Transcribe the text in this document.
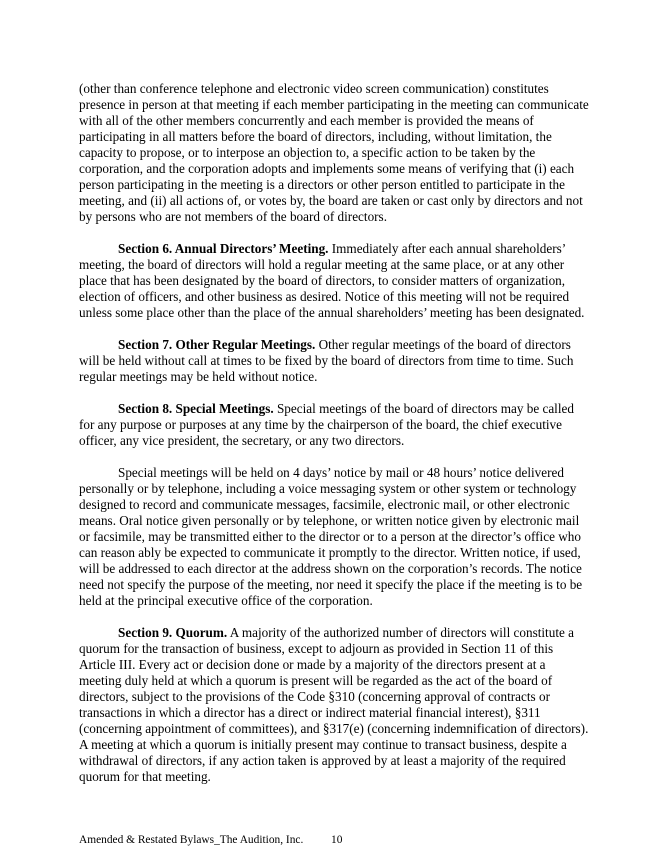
(other than conference telephone and electronic video screen communication) constitutes
presence in person at that meeting if each member participating in the meeting can communicate
with all of the other members concurrently and each member is provided the means of
participating in all matters before the board of directors, including, without limitation, the
capacity to propose, or to interpose an objection to, a specific action to be taken by the
corporation, and the corporation adopts and implements some means of verifying that (i) each
person participating in the meeting is a directors or other person entitled to participate in the
meeting, and (ii) all actions of, or votes by, the board are taken or cast only by directors and not
by persons who are not members of the board of directors.
Section 6. Annual Directors’ Meeting. Immediately after each annual shareholders’
meeting, the board of directors will hold a regular meeting at the same place, or at any other
place that has been designated by the board of directors, to consider matters of organization,
election of officers, and other business as desired. Notice of this meeting will not be required
unless some place other than the place of the annual shareholders’ meeting has been designated.
Section 7. Other Regular Meetings. Other regular meetings of the board of directors
will be held without call at times to be fixed by the board of directors from time to time. Such
regular meetings may be held without notice.
Section 8. Special Meetings. Special meetings of the board of directors may be called
for any purpose or purposes at any time by the chairperson of the board, the chief executive
officer, any vice president, the secretary, or any two directors.
Special meetings will be held on 4 days’ notice by mail or 48 hours’ notice delivered
personally or by telephone, including a voice messaging system or other system or technology
designed to record and communicate messages, facsimile, electronic mail, or other electronic
means. Oral notice given personally or by telephone, or written notice given by electronic mail
or facsimile, may be transmitted either to the director or to a person at the director’s office who
can reason ably be expected to communicate it promptly to the director. Written notice, if used,
will be addressed to each director at the address shown on the corporation’s records. The notice
need not specify the purpose of the meeting, nor need it specify the place if the meeting is to be
held at the principal executive office of the corporation.
Section 9. Quorum. A majority of the authorized number of directors will constitute a
quorum for the transaction of business, except to adjourn as provided in Section 11 of this
Article III. Every act or decision done or made by a majority of the directors present at a
meeting duly held at which a quorum is present will be regarded as the act of the board of
directors, subject to the provisions of the Code §310 (concerning approval of contracts or
transactions in which a director has a direct or indirect material financial interest), §311
(concerning appointment of committees), and §317(e) (concerning indemnification of directors).
A meeting at which a quorum is initially present may continue to transact business, despite a
withdrawal of directors, if any action taken is approved by at least a majority of the required
quorum for that meeting.
Amended & Restated Bylaws_The Audition, Inc. 10
